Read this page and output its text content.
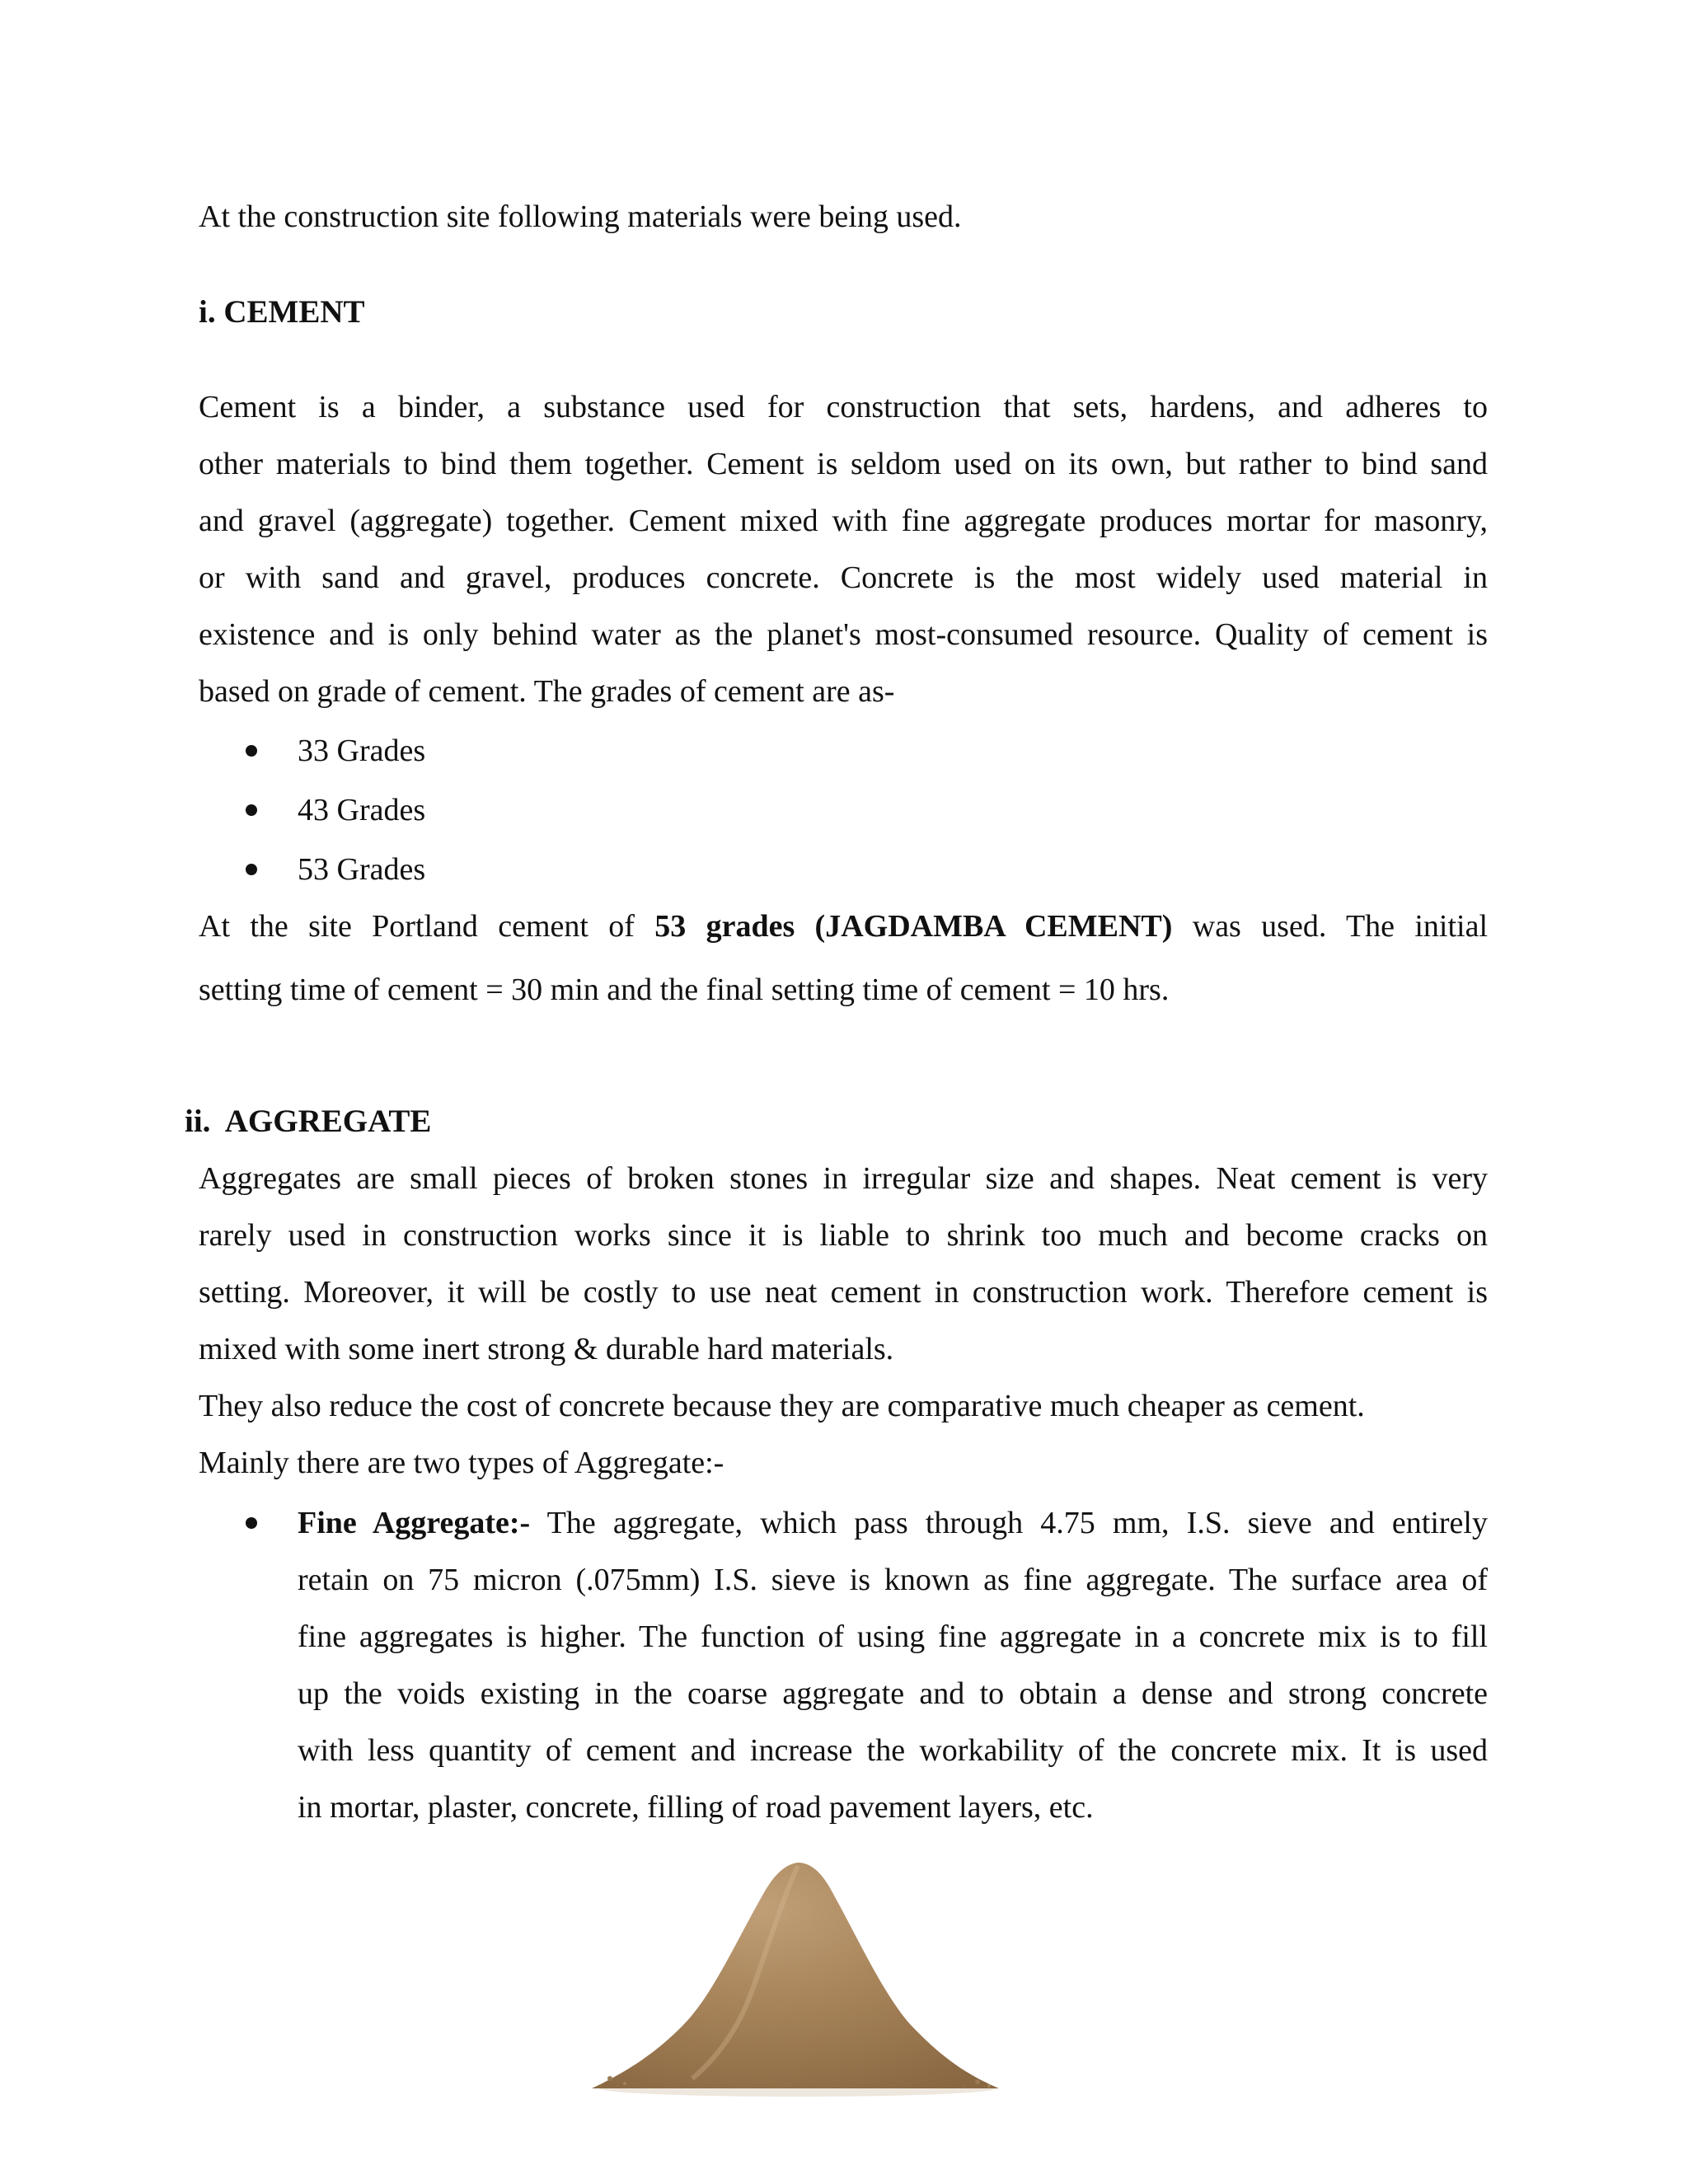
At the construction site following materials were being used.
i. CEMENT
Cement is a binder, a substance used for construction that sets, hardens, and adheres to
other materials to bind them together. Cement is seldom used on its own, but rather to bind sand
and gravel (aggregate) together. Cement mixed with fine aggregate produces mortar for masonry,
or with sand and gravel, produces concrete. Concrete is the most widely used material in
existence and is only behind water as the planet's most-consumed resource. Quality of cement is
based on grade of cement. The grades of cement are as-
33 Grades
43 Grades
53 Grades
At the site Portland cement of 53 grades (JAGDAMBA CEMENT) was used. The initial
setting time of cement = 30 min and the final setting time of cement = 10 hrs.
ii.  AGGREGATE
Aggregates are small pieces of broken stones in irregular size and shapes. Neat cement is very
rarely used in construction works since it is liable to shrink too much and become cracks on
setting. Moreover, it will be costly to use neat cement in construction work. Therefore cement is
mixed with some inert strong & durable hard materials.
They also reduce the cost of concrete because they are comparative much cheaper as cement.
Mainly there are two types of Aggregate:-
Fine Aggregate:- The aggregate, which pass through 4.75 mm, I.S. sieve and entirely
retain on 75 micron (.075mm) I.S. sieve is known as fine aggregate. The surface area of
fine aggregates is higher. The function of using fine aggregate in a concrete mix is to fill
up the voids existing in the coarse aggregate and to obtain a dense and strong concrete
with less quantity of cement and increase the workability of the concrete mix. It is used
in mortar, plaster, concrete, filling of road pavement layers, etc.
